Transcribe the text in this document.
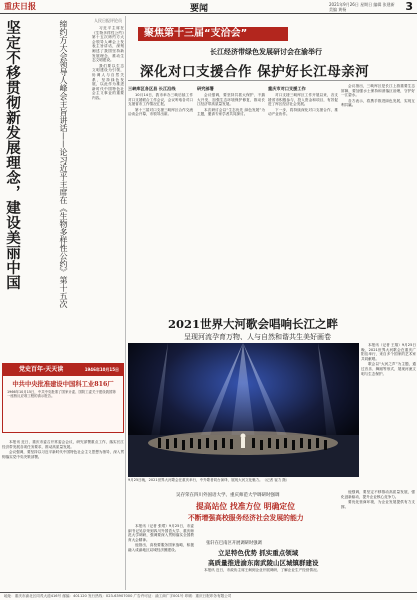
重庆日报	要闻	2021年9月26日 星期日 编辑 张建新 美编 黄杨	3
坚定不移贯彻新发展理念，建设美丽中国	缔约方大会领导人峰会主旨讲话——论习近平主席在《生物多样性公约》第十五次	人民日报评论员

习近平主席在《生物多样性公约》第十五次缔约方大会领导人峰会上发表主旨讲话，深刻阐述了我国坚持新发展理念，推动生态文明建设。

我们要以生态文明建设为引领，协调人与自然关系，坚持绿色发展，以此作为推进新时代中国特色社会主义事业的重要内容。

聚焦第十三届“支洽会”
长江经济带绿色发展研讨会在渝举行
深化对口支援合作 保护好长江母亲河
三峡库区各区县 长江沿线

10月14日，我市举办三峡后续工作对口支援联合工作会议，会议听取各对口支援省市工作情况汇报。

第十三届对口支援三峡库区合作交流洽谈会开幕，市领导出席。

研究部署

会议强调，要坚持共抓大保护、不搞大开发，加强生态环境保护修复，推动长江经济带高质量发展。

本次研讨会以“生态优先 绿色发展”为主题，邀请专家学者共同探讨。

重庆市对口支援工作

对口支援三峡库区工作开展以来，各支援省市积极参与，投入资金和项目，有效促进了库区经济社会发展。

下一步，将持续深化对口支援合作，推动产业协作。

会议指出，三峡库区是长江上游重要生态屏障，要加强水土保持和消落区治理，守护好一江碧水。

各方表示，将携手推进绿色发展，实现互利共赢。

2021世界大河歌会唱响长江之畔
呈现河流孕育万物、人与自然和谐共生美好画卷
9月25日晚，2021世界大河歌会在重庆举行，中外歌者同台演绎，展现大河文化魅力。（记者 崔力 摄）

本报讯（记者 王翔）9月25日晚，2021世界大河歌会在重庆广阳岛举行，来自多个国家的艺术家共同献唱。

歌会以“大河之声”为主题，通过音乐、舞蹈等形式，展现河流文明与生态保护。

党史百年·天天读	1946年10月15日
中共中央批准建设中国科工业816厂
1966年10月15日，中共中央批准了国家计委、国防工委关于建设我国第一座核反应堆工程的请示报告。

本报讯 近日，重庆市委召开常委会会议，研究部署重点工作，落实长江经济带发展各项任务要求，推动高质量发展。

会议强调，要坚持以习近平新时代中国特色社会主义思想为指导，深入贯彻落实党中央决策部署。

他强调，要坚定不移推动高质量发展，强化创新驱动，提升企业核心竞争力。

要优化营商环境，为企业发展提供有力支撑。

吴存荣在四川外国语大学、重庆师范大学调研时强调
提高站位 找准方位 明确定位
不断增强高校服务经济社会发展的能力

本报讯（记者 张珺）9月25日，市委副书记吴存荣到四川外国语大学、重庆师范大学调研，强调要深入贯彻落实全国教育大会精神。

他指出，高校要服务国家战略，积极融入成渝地区双城经济圈建设。

张轩在巴南区开展调研时强调
立足特色优势 抓实重点领域
高质量推进渝东南武陵山区城镇群建设

本报讯 近日，市政协主席王炯到企业开展调研，了解企业生产经营情况。

地址：重庆市渝北区同茂大道416号 邮编：401120 发行热线：023-63907000 广告许可证：渝工商广字001号 印刷：重庆日报印务有限公司
